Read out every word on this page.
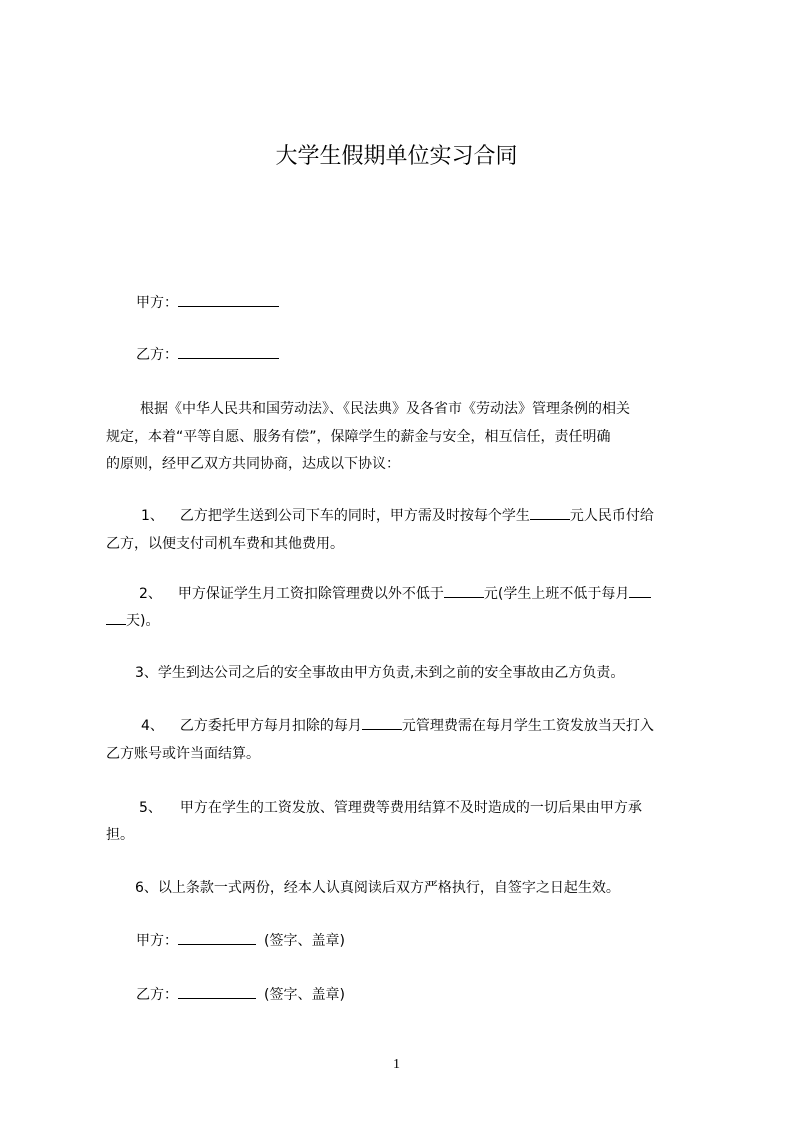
大学生假期单位实习合同
甲方：
乙方：
根据《中华人民共和国劳动法》、《民法典》及各省市《劳动法》管理条例的相关
规定，本着“平等自愿、服务有偿”，保障学生的薪金与安全，相互信任，责任明确
的原则，经甲乙双方共同协商，达成以下协议：
1、 乙方把学生送到公司下车的同时，甲方需及时按每个学生	元人民币付给
乙方，以便支付司机车费和其他费用。
2、 甲方保证学生月工资扣除管理费以外不低于	元(学生上班不低于每月
天)。
3、学生到达公司之后的安全事故由甲方负责,未到之前的安全事故由乙方负责。
4、 乙方委托甲方每月扣除的每月	元管理费需在每月学生工资发放当天打入
乙方账号或许当面结算。
5、 甲方在学生的工资发放、管理费等费用结算不及时造成的一切后果由甲方承
担。
6、以上条款一式两份，经本人认真阅读后双方严格执行，自签字之日起生效。
甲方：	(签字、盖章)
乙方：	(签字、盖章)
1
